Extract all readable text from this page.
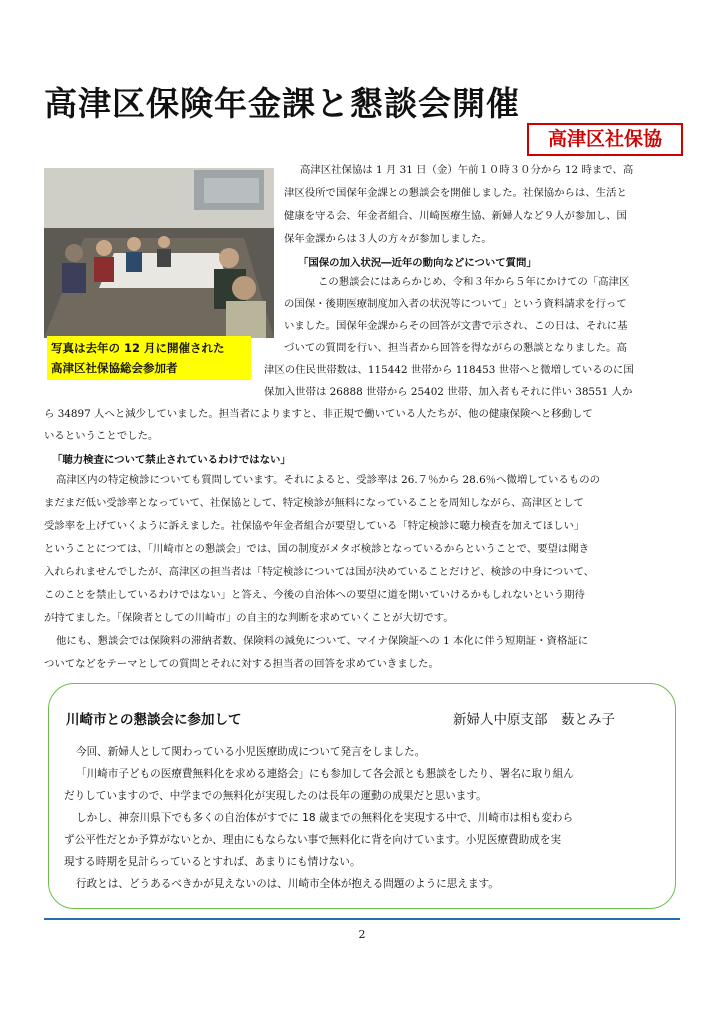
高津区保険年金課と懇談会開催
高津区社保協
写真は去年の 12 月に開催された
高津区社保協総会参加者
高津区社保協は 1 月 31 日（金）午前１０時３０分から 12 時まで、高
津区役所で国保年金課との懇談会を開催しました。社保協からは、生活と
健康を守る会、年金者組合、川崎医療生協、新婦人など９人が参加し、国
保年金課からは３人の方々が参加しました。
「国保の加入状況―近年の動向などについて質問」
この懇談会にはあらかじめ、令和３年から５年にかけての「高津区
の国保・後期医療制度加入者の状況等について」という資料請求を行って
いました。国保年金課からその回答が文書で示され、この日は、それに基
づいての質問を行い、担当者から回答を得ながらの懇談となりました。高
津区の住民世帯数は、115442 世帯から 118453 世帯へと微増しているのに国
保加入世帯は 26888 世帯から 25402 世帯、加入者もそれに伴い 38551 人か
ら 34897 人へと減少していました。担当者によりますと、非正規で働いている人たちが、他の健康保険へと移動して
いるということでした。
「聴力検査について禁止されているわけではない」
高津区内の特定検診についても質問しています。それによると、受診率は 26.７％から 28.6％へ微増しているものの
まだまだ低い受診率となっていて、社保協として、特定検診が無料になっていることを周知しながら、高津区として
受診率を上げていくように訴えました。社保協や年金者組合が要望している「特定検診に聴力検査を加えてほしい」
ということにつては、「川崎市との懇談会」では、国の制度がメタボ検診となっているからということで、要望は聞き
入れられませんでしたが、高津区の担当者は「特定検診については国が決めていることだけど、検診の中身について、
このことを禁止しているわけではない」と答え、今後の自治体への要望に道を開いていけるかもしれないという期待
が持てました。「保険者としての川崎市」の自主的な判断を求めていくことが大切です。
他にも、懇談会では保険料の滞納者数、保険料の減免について、マイナ保険証への 1 本化に伴う短期証・資格証に
ついてなどをテーマとしての質問とそれに対する担当者の回答を求めていきました。
川崎市との懇談会に参加して	新婦人中原支部　薮とみ子
今回、新婦人として関わっている小児医療助成について発言をしました。
「川崎市子どもの医療費無料化を求める連絡会」にも参加して各会派とも懇談をしたり、署名に取り組ん
だりしていますので、中学までの無料化が実現したのは長年の運動の成果だと思います。
しかし、神奈川県下でも多くの自治体がすでに 18 歳までの無料化を実現する中で、川崎市は相も変わら
ず公平性だとか予算がないとか、理由にもならない事で無料化に背を向けています。小児医療費助成を実
現する時期を見計らっているとすれば、あまりにも情けない。
行政とは、どうあるべきかが見えないのは、川崎市全体が抱える問題のように思えます。
2
